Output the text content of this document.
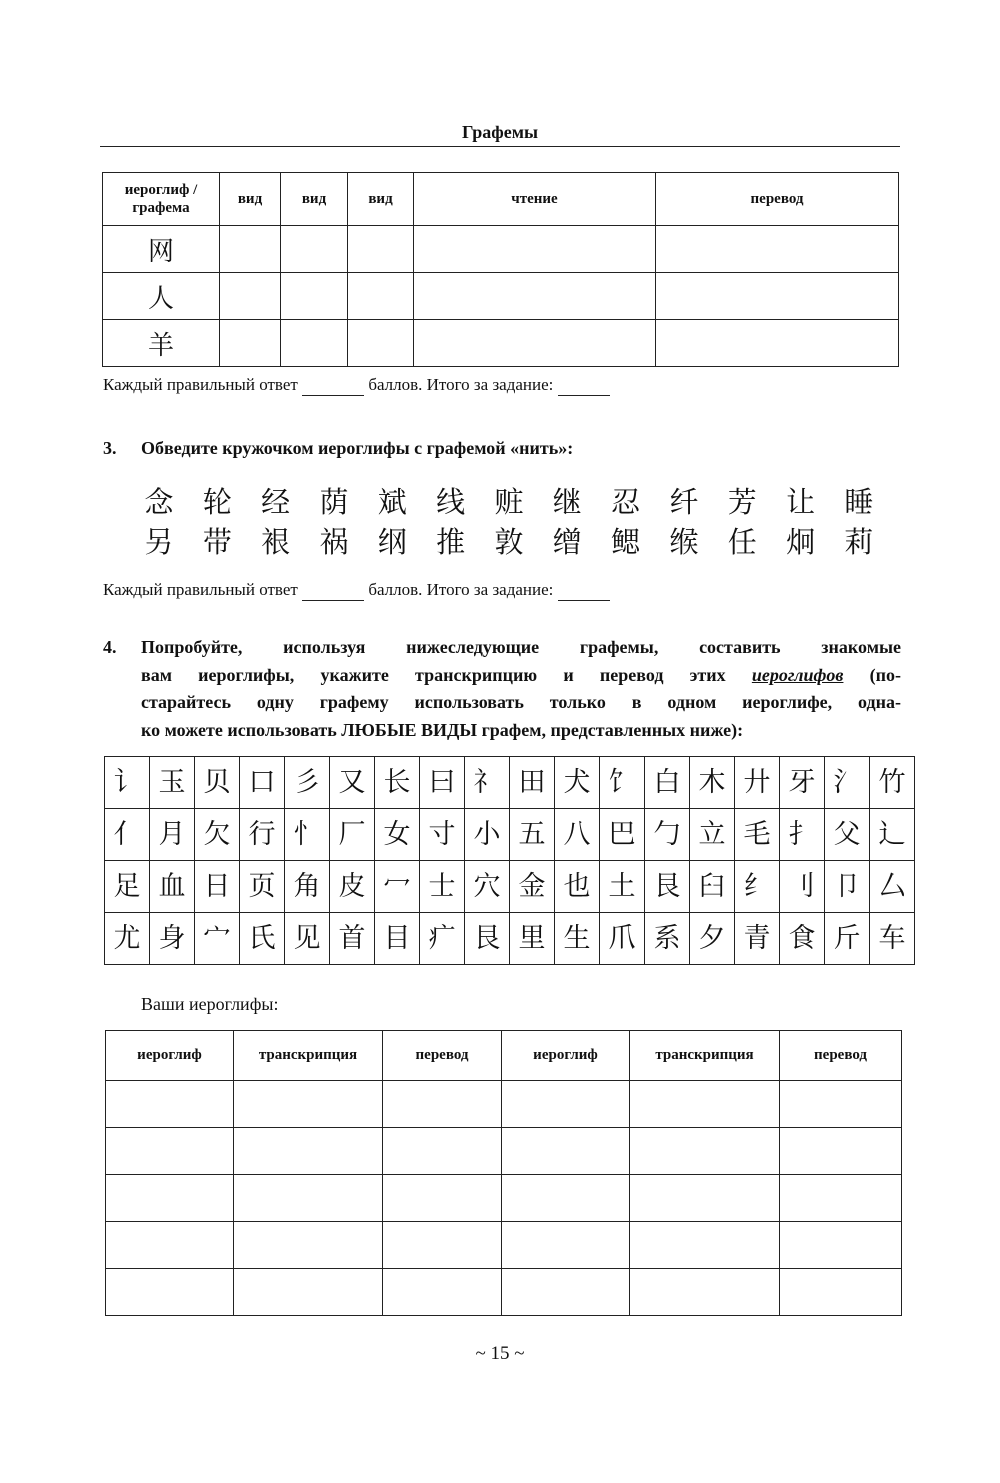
Графемы
иероглиф / графема	вид	вид	вид	чтение	перевод
网					
人					
羊					
Каждый правильный ответ	баллов. Итого за задание:
3. Обведите кружочком иероглифы с графемой «нить»:
念 轮 经 荫 斌 线 赃 继 忍 纤 芳 让 睡
另 带 裉 祸 纲 推 敦 缯 鳃 缑 任 炯 莉
Каждый правильный ответ	баллов. Итого за задание:
4. Попробуйте, используя нижеследующие графемы, составить знакомые
вам иероглифы, укажите транскрипцию и перевод этих иероглифов (по-
старайтесь одну графему использовать только в одном иероглифе, одна-
ко можете использовать ЛЮБЫЕ ВИДЫ графем, представленных ниже):
讠	玉	贝	口	彡	又	长	曰	礻	田	犬	饣	白	木	廾	牙	氵	竹
亻	月	欠	行	忄	厂	女	寸	小	五	八	巴	勹	立	毛	扌	父	辶
足	血	日	页	角	皮	冖	士	穴	金	也	土	艮	臼	纟	刂	卩	厶
尤	身	宀	氏	见	首	目	疒	艮	里	生	爪	系	夕	青	食	斤	车
Ваши иероглифы:
иероглиф	транскрипция	перевод	иероглиф	транскрипция	перевод

~ 15 ~
